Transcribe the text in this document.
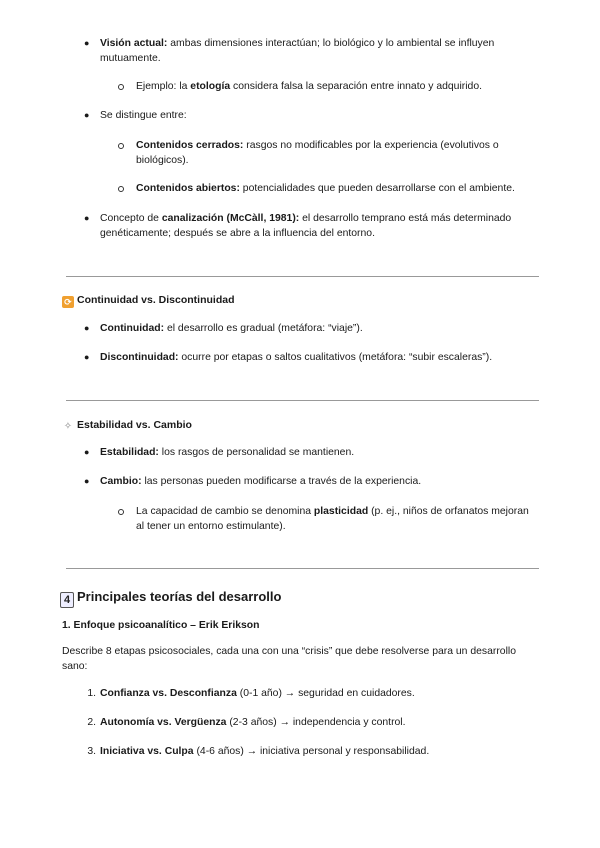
● Visión actual: ambas dimensiones interactúan; lo biológico y lo ambiental se influyen mutuamente.
Ejemplo: la etología considera falsa la separación entre innato y adquirido.
● Se distingue entre:
Contenidos cerrados: rasgos no modificables por la experiencia (evolutivos o biológicos).
Contenidos abiertos: potencialidades que pueden desarrollarse con el ambiente.
● Concepto de canalización (McCàll, 1981): el desarrollo temprano está más determinado genéticamente; después se abre a la influencia del entorno.
⟳ Continuidad vs. Discontinuidad
● Continuidad: el desarrollo es gradual (metáfora: “viaje”).
● Discontinuidad: ocurre por etapas o saltos cualitativos (metáfora: “subir escaleras”).
✧ Estabilidad vs. Cambio
● Estabilidad: los rasgos de personalidad se mantienen.
● Cambio: las personas pueden modificarse a través de la experiencia.
La capacidad de cambio se denomina plasticidad (p. ej., niños de orfanatos mejoran al tener un entorno estimulante).
4 Principales teorías del desarrollo
1. Enfoque psicoanalítico – Erik Erikson
Describe 8 etapas psicosociales, cada una con una “crisis” que debe resolverse para un desarrollo sano:
1. Confianza vs. Desconfianza (0-1 año) → seguridad en cuidadores.
2. Autonomía vs. Vergüenza (2-3 años) → independencia y control.
3. Iniciativa vs. Culpa (4-6 años) → iniciativa personal y responsabilidad.
